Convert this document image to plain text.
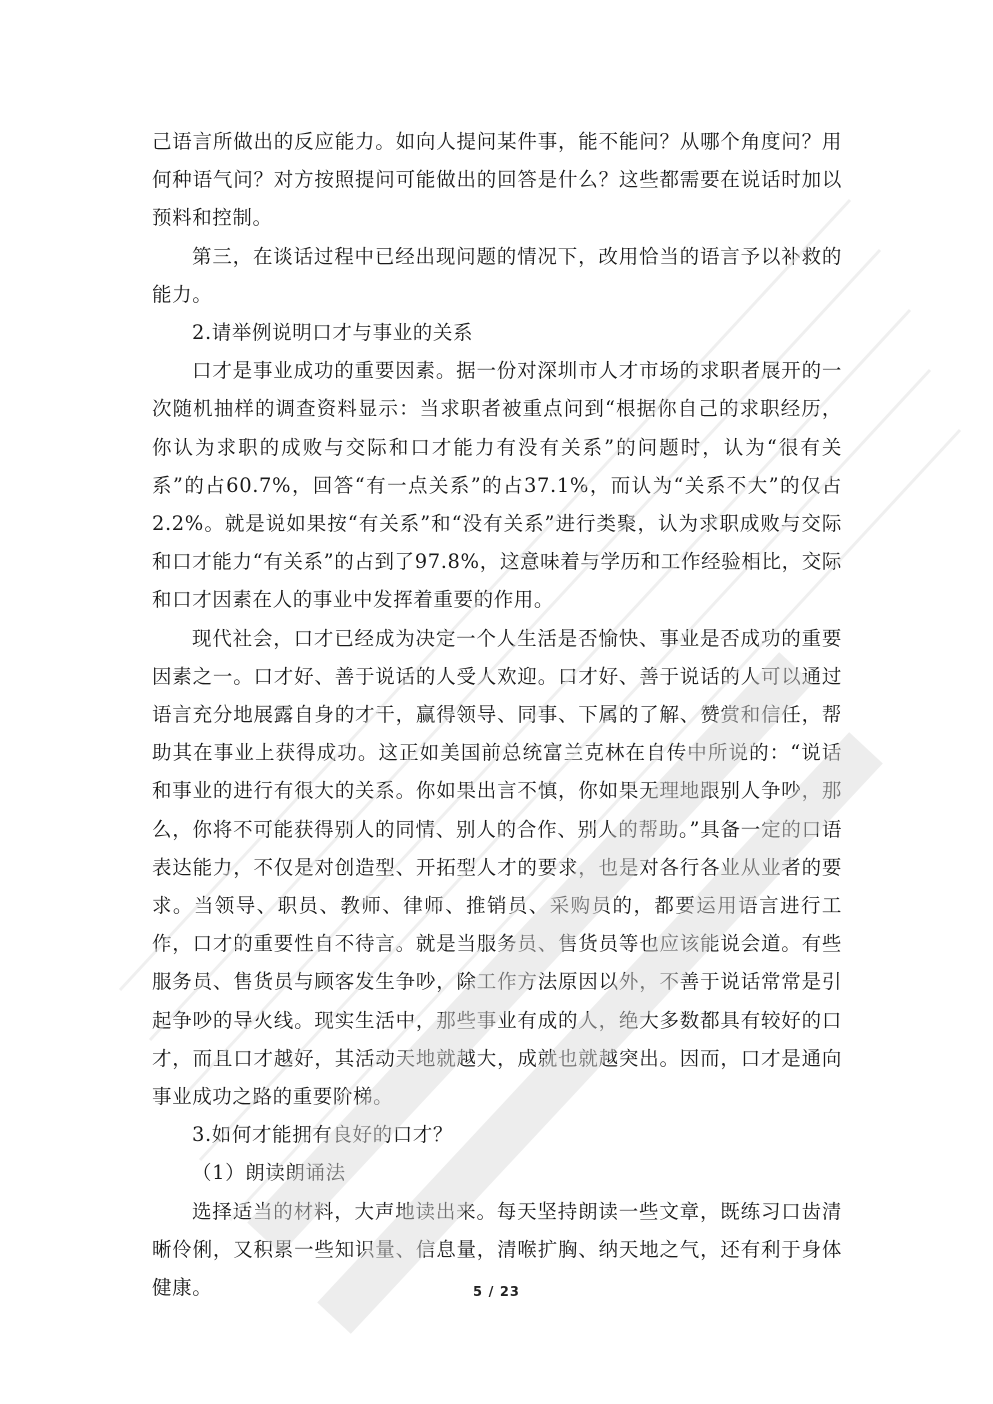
己语言所做出的反应能力。如向人提问某件事，能不能问？从哪个角度问？用何种语气问？对方按照提问可能做出的回答是什么？这些都需要在说话时加以预料和控制。

第三，在谈话过程中已经出现问题的情况下，改用恰当的语言予以补救的能力。

2.请举例说明口才与事业的关系

口才是事业成功的重要因素。据一份对深圳市人才市场的求职者展开的一次随机抽样的调查资料显示：当求职者被重点问到“根据你自己的求职经历，你认为求职的成败与交际和口才能力有没有关系”的问题时，认为“很有关系”的占60.7%，回答“有一点关系”的占37.1%，而认为“关系不大”的仅占2.2%。就是说如果按“有关系”和“没有关系”进行类聚，认为求职成败与交际和口才能力“有关系”的占到了97.8%，这意味着与学历和工作经验相比，交际和口才因素在人的事业中发挥着重要的作用。

现代社会，口才已经成为决定一个人生活是否愉快、事业是否成功的重要因素之一。口才好、善于说话的人受人欢迎。口才好、善于说话的人可以通过语言充分地展露自身的才干，赢得领导、同事、下属的了解、赞赏和信任，帮助其在事业上获得成功。这正如美国前总统富兰克林在自传中所说的：“说话和事业的进行有很大的关系。你如果出言不慎，你如果无理地跟别人争吵，那么，你将不可能获得别人的同情、别人的合作、别人的帮助。”具备一定的口语表达能力，不仅是对创造型、开拓型人才的要求，也是对各行各业从业者的要求。当领导、职员、教师、律师、推销员、采购员的，都要运用语言进行工作，口才的重要性自不待言。就是当服务员、售货员等也应该能说会道。有些服务员、售货员与顾客发生争吵，除工作方法原因以外，不善于说话常常是引起争吵的导火线。现实生活中，那些事业有成的人，绝大多数都具有较好的口才，而且口才越好，其活动天地就越大，成就也就越突出。因而，口才是通向事业成功之路的重要阶梯。

3.如何才能拥有良好的口才？

（1）朗读朗诵法

选择适当的材料，大声地读出来。每天坚持朗读一些文章，既练习口齿清晰伶俐，又积累一些知识量、信息量，清喉扩胸、纳天地之气，还有利于身体健康。	5 / 23
